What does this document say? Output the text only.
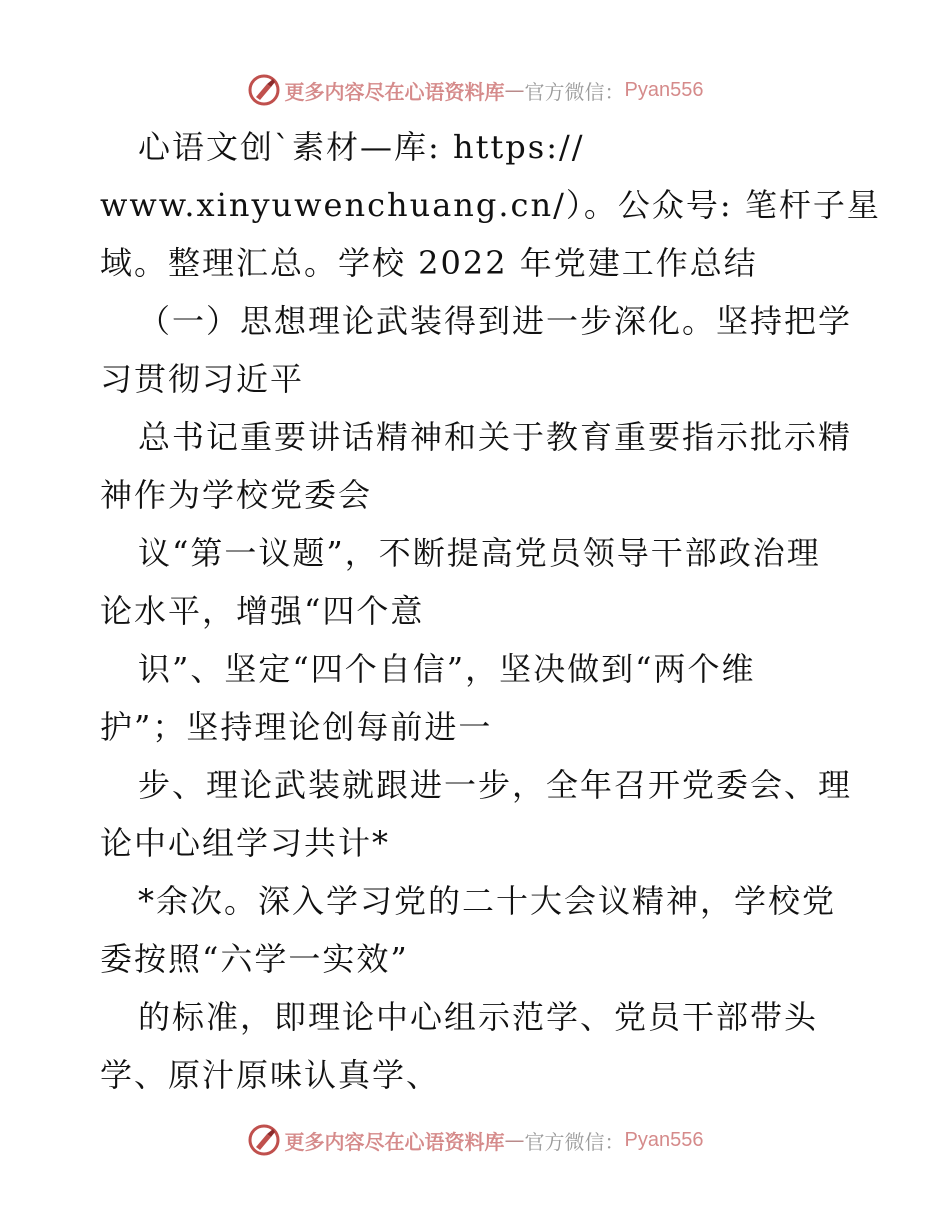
更多内容尽在心语资料库 — 官方微信： Pyan556
心语文创`素材—库: https://
www.xinyuwenchuang.cn/）。公众号: 笔杆子星
域。整理汇总。学校 2022 年党建工作总结
（一）思想理论武装得到进一步深化。坚持把学
习贯彻习近平
总书记重要讲话精神和关于教育重要指示批示精
神作为学校党委会
议“第一议题”，不断提高党员领导干部政治理
论水平，增强“四个意
识”、坚定“四个自信”，坚决做到“两个维
护”；坚持理论创每前进一
步、理论武装就跟进一步，全年召开党委会、理
论中心组学习共计*
*余次。深入学习党的二十大会议精神，学校党
委按照“六学一实效”
的标准，即理论中心组示范学、党员干部带头
学、原汁原味认真学、
更多内容尽在心语资料库 — 官方微信： Pyan556
